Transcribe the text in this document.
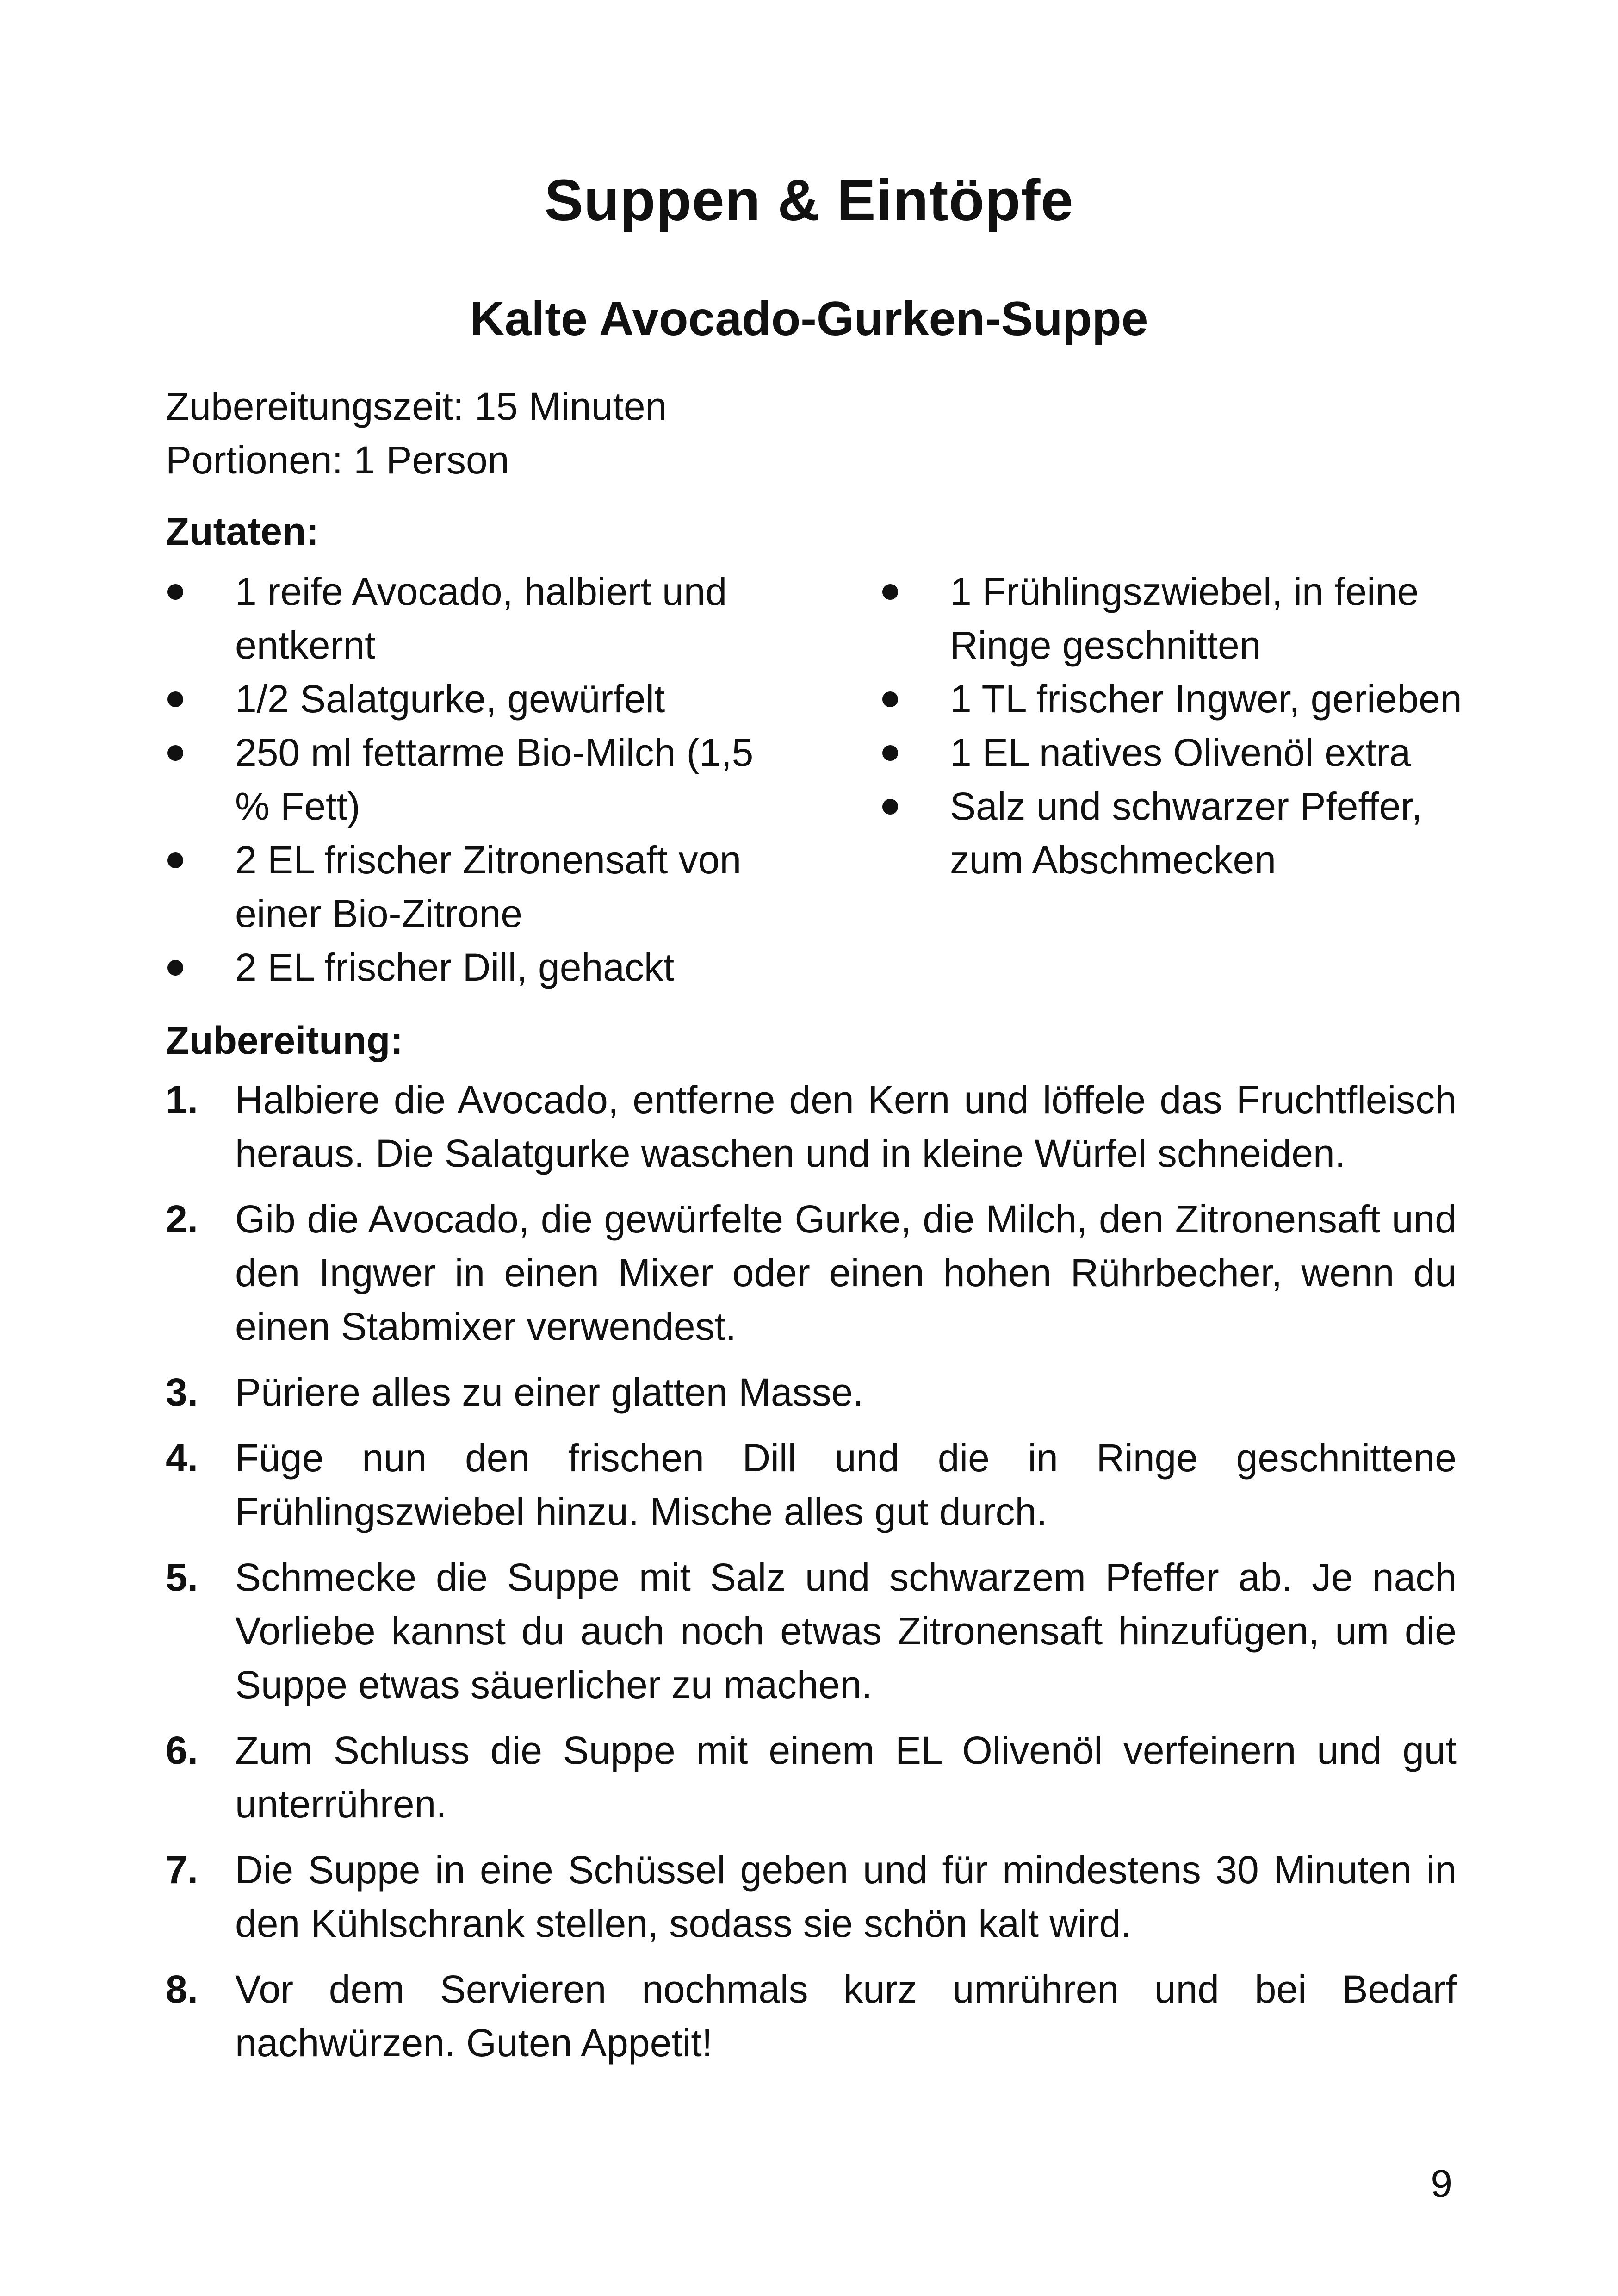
Suppen & Eintöpfe
Kalte Avocado-Gurken-Suppe
Zubereitungszeit: 15 Minuten
Portionen: 1 Person
Zutaten:
1 reife Avocado, halbiert und entkernt
1/2 Salatgurke, gewürfelt
250 ml fettarme Bio-Milch (1,5 % Fett)
2 EL frischer Zitronensaft von einer Bio-Zitrone
2 EL frischer Dill, gehackt
1 Frühlingszwiebel, in feine Ringe geschnitten
1 TL frischer Ingwer, gerieben
1 EL natives Olivenöl extra
Salz und schwarzer Pfeffer, zum Abschmecken
Zubereitung:
1. Halbiere die Avocado, entferne den Kern und löffele das Fruchtfleisch heraus. Die Salatgurke waschen und in kleine Würfel schneiden.
2. Gib die Avocado, die gewürfelte Gurke, die Milch, den Zitronensaft und den Ingwer in einen Mixer oder einen hohen Rührbecher, wenn du einen Stabmixer verwendest.
3. Püriere alles zu einer glatten Masse.
4. Füge nun den frischen Dill und die in Ringe geschnittene Frühlingszwiebel hinzu. Mische alles gut durch.
5. Schmecke die Suppe mit Salz und schwarzem Pfeffer ab. Je nach Vorliebe kannst du auch noch etwas Zitronensaft hinzufügen, um die Suppe etwas säuerlicher zu machen.
6. Zum Schluss die Suppe mit einem EL Olivenöl verfeinern und gut unterrühren.
7. Die Suppe in eine Schüssel geben und für mindestens 30 Minuten in den Kühlschrank stellen, sodass sie schön kalt wird.
8. Vor dem Servieren nochmals kurz umrühren und bei Bedarf nachwürzen. Guten Appetit!
9
